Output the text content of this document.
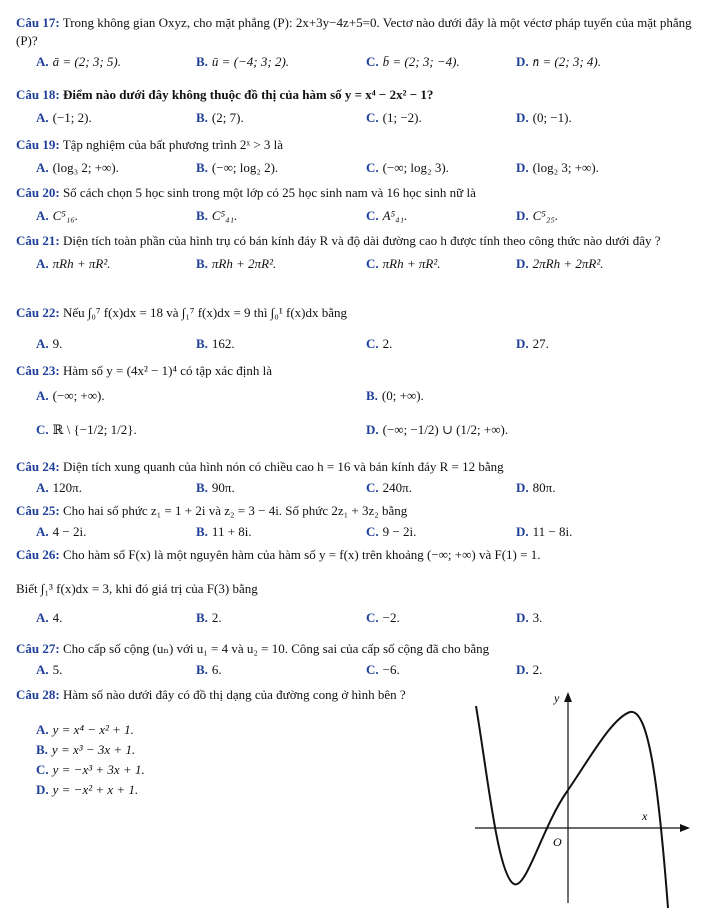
Câu 17: Trong không gian Oxyz, cho mặt phẳng (P): 2x+3y−4z+5=0. Vectơ nào dưới đây là một véctơ pháp tuyến của mặt phẳng (P)?
A. ā = (2; 3; 5).	B. ū = (−4; 3; 2).	C. b̄ = (2; 3; −4).	D. n̄ = (2; 3; 4).
Câu 18: Điểm nào dưới đây không thuộc đồ thị của hàm số y = x⁴ − 2x² − 1?
A. (−1; 2).	B. (2; 7).	C. (1; −2).	D. (0; −1).
Câu 19: Tập nghiệm của bất phương trình 2ˣ > 3 là
A. (log₃ 2; +∞).	B. (−∞; log₂ 2).	C. (−∞; log₂ 3).	D. (log₂ 3; +∞).
Câu 20: Số cách chọn 5 học sinh trong một lớp có 25 học sinh nam và 16 học sinh nữ là
A. C⁵₁₆.	B. C⁵₄₁.	C. A⁵₄₁.	D. C⁵₂₅.
Câu 21: Diện tích toàn phần của hình trụ có bán kính đáy R và độ dài đường cao h được tính theo công thức nào dưới đây ?
A. πRh + πR².	B. πRh + 2πR².	C. πRh + πR².	D. 2πRh + 2πR².
Câu 22: Nếu ∫₀⁷ f(x)dx = 18 và ∫₁⁷ f(x)dx = 9 thì ∫₀¹ f(x)dx bằng
A. 9.	B. 162.	C. 2.	D. 27.
Câu 23: Hàm số y = (4x² − 1)⁴ có tập xác định là
A. (−∞; +∞).	B. (0; +∞).
C. ℝ \ {−1/2; 1/2}.	D. (−∞; −1/2) ∪ (1/2; +∞).
Câu 24: Diện tích xung quanh của hình nón có chiều cao h = 16 và bán kính đáy R = 12 bằng
A. 120π.	B. 90π.	C. 240π.	D. 80π.
Câu 25: Cho hai số phức z₁ = 1 + 2i và z₂ = 3 − 4i. Số phức 2z₁ + 3z₂ bằng
A. 4 − 2i.	B. 11 + 8i.	C. 9 − 2i.	D. 11 − 8i.
Câu 26: Cho hàm số F(x) là một nguyên hàm của hàm số y = f(x) trên khoảng (−∞; +∞) và F(1) = 1.
Biết ∫₁³ f(x)dx = 3, khi đó giá trị của F(3) bằng
A. 4.	B. 2.	C. −2.	D. 3.
Câu 27: Cho cấp số cộng (uₙ) với u₁ = 4 và u₂ = 10. Công sai của cấp số cộng đã cho bằng
A. 5.	B. 6.	C. −6.	D. 2.
Câu 28: Hàm số nào dưới đây có đồ thị dạng của đường cong ở hình bên ?
A. y = x⁴ − x² + 1.
B. y = x³ − 3x + 1.
C. y = −x³ + 3x + 1.
D. y = −x² + x + 1.
y
x
O
